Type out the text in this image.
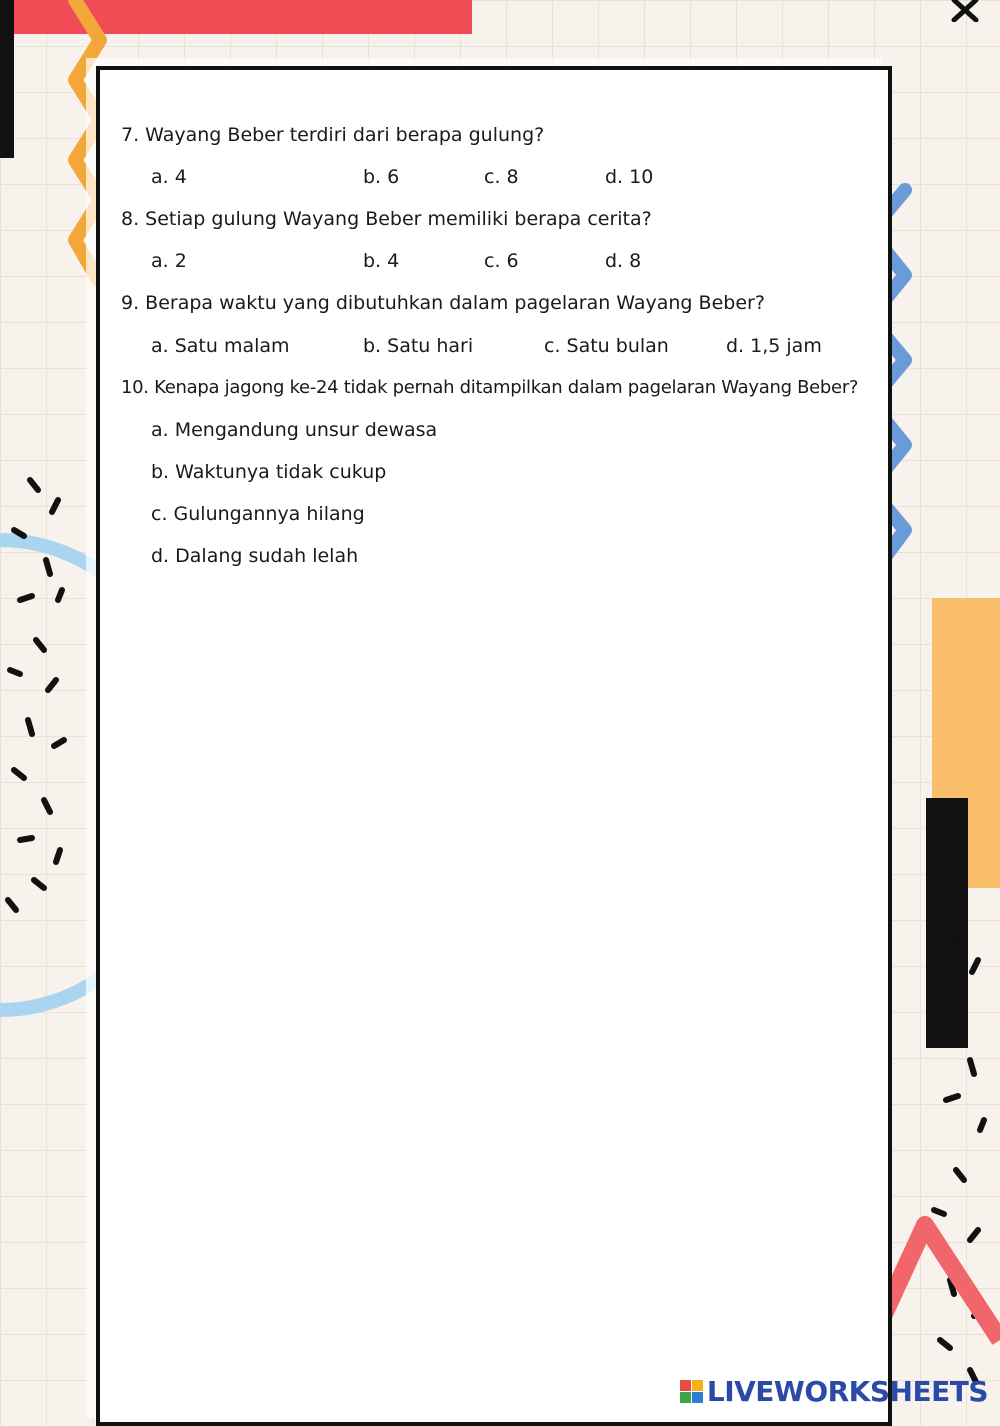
7. Wayang Beber terdiri dari berapa gulung?
a. 4	b. 6	c. 8	d. 10
8. Setiap gulung Wayang Beber memiliki berapa cerita?
a. 2	b. 4	c. 6	d. 8
9. Berapa waktu yang dibutuhkan dalam pagelaran Wayang Beber?
a. Satu malam	b. Satu hari	c. Satu bulan	d. 1,5 jam
10. Kenapa jagong ke-24 tidak pernah ditampilkan dalam pagelaran Wayang Beber?
a. Mengandung unsur dewasa
b. Waktunya tidak cukup
c. Gulungannya hilang
d. Dalang sudah lelah
LIVEWORKSHEETS
